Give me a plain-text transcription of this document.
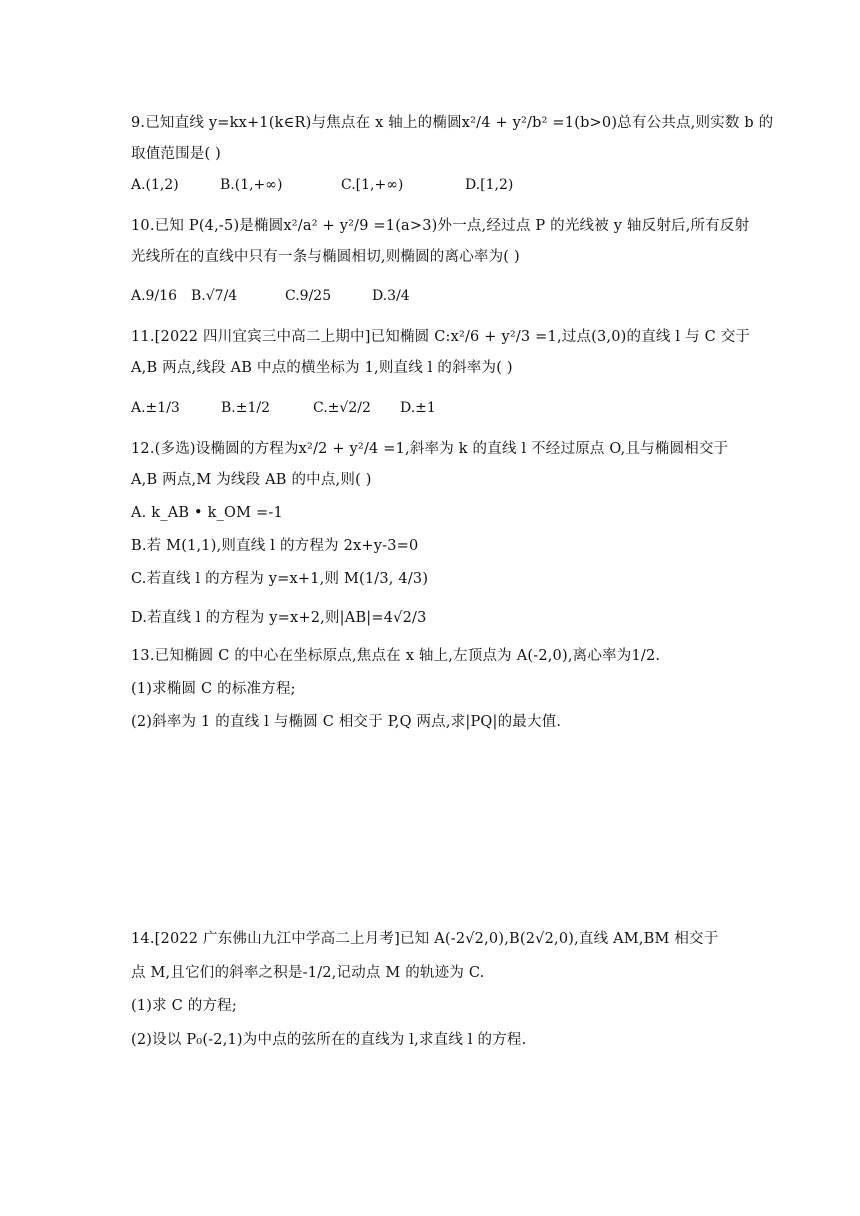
9.已知直线 y=kx+1(k∈R)与焦点在 x 轴上的椭圆x²/4 + y²/b² =1(b>0)总有公共点,则实数 b 的
取值范围是( )
A.(1,2)	B.(1,+∞)	C.[1,+∞)	D.[1,2)
10.已知 P(4,-5)是椭圆x²/a² + y²/9 =1(a>3)外一点,经过点 P 的光线被 y 轴反射后,所有反射
光线所在的直线中只有一条与椭圆相切,则椭圆的离心率为( )
A.9/16 B.√7/4	C.9/25	D.3/4
11.[2022 四川宜宾三中高二上期中]已知椭圆 C:x²/6 + y²/3 =1,过点(3,0)的直线 l 与 C 交于
A,B 两点,线段 AB 中点的横坐标为 1,则直线 l 的斜率为( )
A.±1/3	B.±1/2	C.±√2/2 D.±1
12.(多选)设椭圆的方程为x²/2 + y²/4 =1,斜率为 k 的直线 l 不经过原点 O,且与椭圆相交于
A,B 两点,M 为线段 AB 的中点,则( )
A. k_AB • k_OM =-1
B.若 M(1,1),则直线 l 的方程为 2x+y-3=0
C.若直线 l 的方程为 y=x+1,则 M(1/3, 4/3)
D.若直线 l 的方程为 y=x+2,则|AB|=4√2/3
13.已知椭圆 C 的中心在坐标原点,焦点在 x 轴上,左顶点为 A(-2,0),离心率为1/2.
(1)求椭圆 C 的标准方程;
(2)斜率为 1 的直线 l 与椭圆 C 相交于 P,Q 两点,求|PQ|的最大值.
14.[2022 广东佛山九江中学高二上月考]已知 A(-2√2,0),B(2√2,0),直线 AM,BM 相交于
点 M,且它们的斜率之积是-1/2,记动点 M 的轨迹为 C.
(1)求 C 的方程;
(2)设以 P₀(-2,1)为中点的弦所在的直线为 l,求直线 l 的方程.
